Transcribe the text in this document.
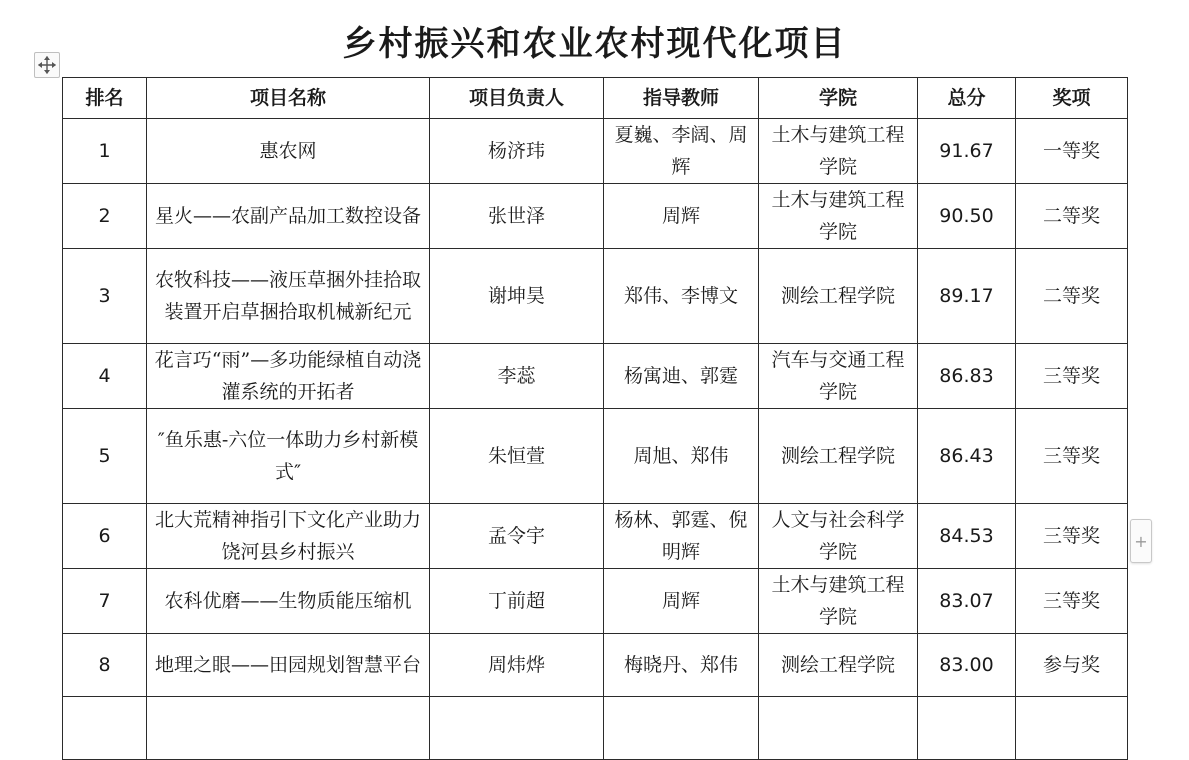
乡村振兴和农业农村现代化项目
排名	项目名称	项目负责人	指导教师	学院	总分	奖项
1	惠农网	杨济玮	夏巍、李阔、周辉	土木与建筑工程学院	91.67	一等奖
2	星火——农副产品加工数控设备	张世泽	周辉	土木与建筑工程学院	90.50	二等奖
3	农牧科技——液压草捆外挂拾取装置开启草捆拾取机械新纪元	谢坤昊	郑伟、李博文	测绘工程学院	89.17	二等奖
4	花言巧“雨”—多功能绿植自动浇灌系统的开拓者	李蕊	杨寓迪、郭霆	汽车与交通工程学院	86.83	三等奖
5	″鱼乐惠-六位一体助力乡村新模式″	朱恒萱	周旭、郑伟	测绘工程学院	86.43	三等奖
6	北大荒精神指引下文化产业助力饶河县乡村振兴	孟令宇	杨林、郭霆、倪明辉	人文与社会科学学院	84.53	三等奖
7	农科优磨——生物质能压缩机	丁前超	周辉	土木与建筑工程学院	83.07	三等奖
8	地理之眼——田园规划智慧平台	周炜烨	梅晓丹、郑伟	测绘工程学院	83.00	参与奖

+
